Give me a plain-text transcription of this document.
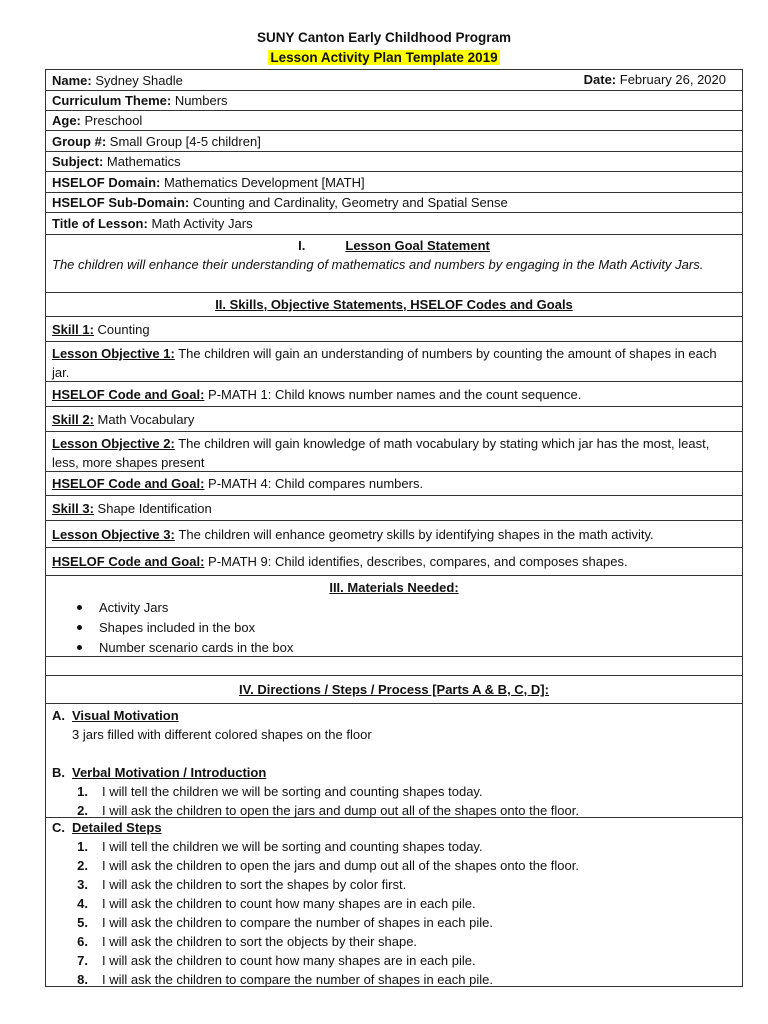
SUNY Canton Early Childhood Program
Lesson Activity Plan Template 2019
Name:
Sydney Shadle	Date: February 26, 2020
Curriculum Theme:
Numbers
Age:
Preschool
Group #:
Small Group [4-5 children]
Subject:
Mathematics
HSELOF Domain:
Mathematics Development [MATH]
HSELOF Sub-Domain:
Counting and Cardinality, Geometry and Spatial Sense
Title of Lesson:
Math Activity Jars
I.	Lesson Goal Statement
The children will enhance their understanding of mathematics and numbers by engaging in the Math Activity Jars.
II. Skills, Objective Statements, HSELOF Codes and Goals
Skill 1:
Counting
Lesson Objective 1: The children will gain an understanding of numbers by counting the amount of shapes in each jar.
HSELOF Code and Goal:
P-MATH 1: Child knows number names and the count sequence.
Skill 2:
Math Vocabulary
Lesson Objective 2: The children will gain knowledge of math vocabulary by stating which jar has the most, least, less, more shapes present
HSELOF Code and Goal:
P-MATH 4: Child compares numbers.
Skill 3:
Shape Identification
Lesson Objective 3:
The children will enhance geometry skills by identifying shapes in the math activity.
HSELOF Code and Goal:
P-MATH 9: Child identifies, describes, compares, and composes shapes.
III. Materials Needed:
Activity Jars
Shapes included in the box
Number scenario cards in the box
IV. Directions / Steps / Process [Parts A & B, C, D]:
A. Visual Motivation
3 jars filled with different colored shapes on the floor
B. Verbal Motivation / Introduction
1.	I will tell the children we will be sorting and counting shapes today.
2.	I will ask the children to open the jars and dump out all of the shapes onto the floor.
C. Detailed Steps
1.	I will tell the children we will be sorting and counting shapes today.
2.	I will ask the children to open the jars and dump out all of the shapes onto the floor.
3.	I will ask the children to sort the shapes by color first.
4.	I will ask the children to count how many shapes are in each pile.
5.	I will ask the children to compare the number of shapes in each pile.
6.	I will ask the children to sort the objects by their shape.
7.	I will ask the children to count how many shapes are in each pile.
8.	I will ask the children to compare the number of shapes in each pile.
